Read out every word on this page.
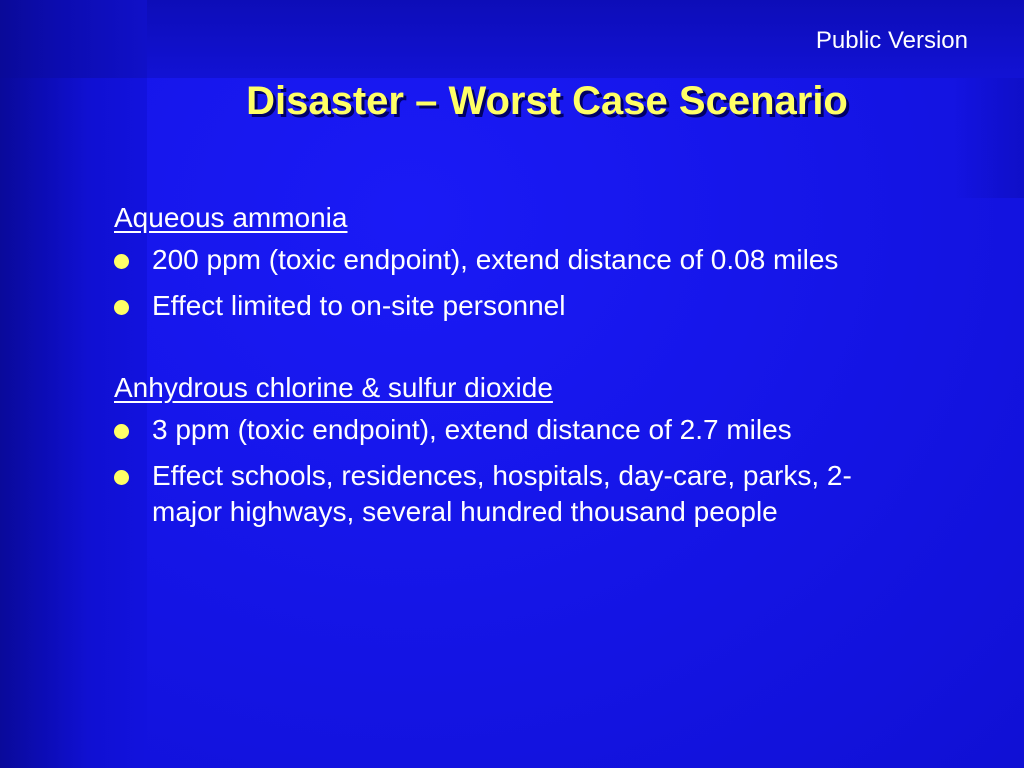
Public Version
Disaster – Worst Case Scenario

Aqueous ammonia

200 ppm (toxic endpoint), extend distance of 0.08 miles
Effect limited to on-site personnel

Anhydrous chlorine & sulfur dioxide

3 ppm (toxic endpoint), extend distance of 2.7 miles
Effect schools, residences, hospitals, day-care, parks, 2-major highways, several hundred thousand people
